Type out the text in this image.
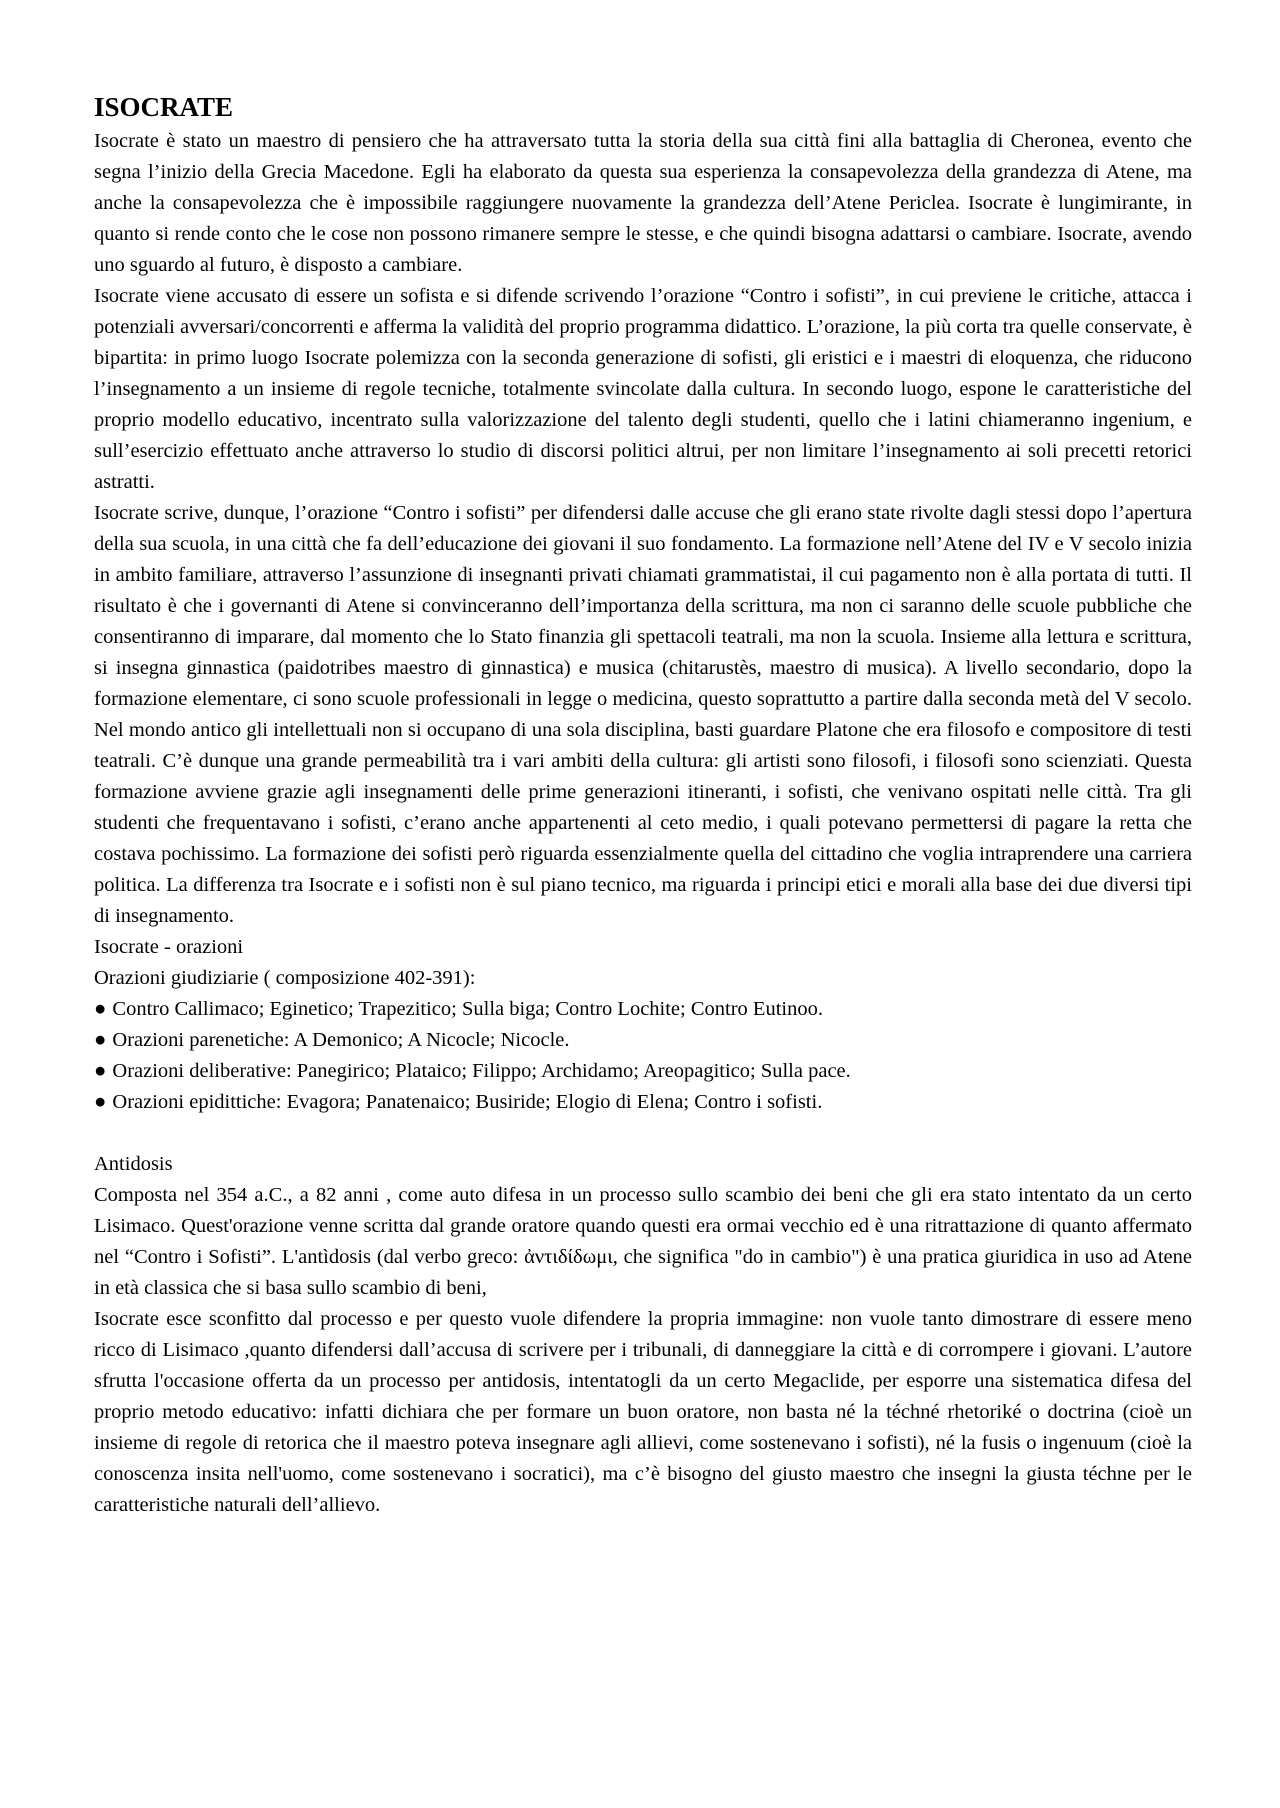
ISOCRATE

Isocrate è stato un maestro di pensiero che ha attraversato tutta la storia della sua città fini alla battaglia di Cheronea, evento che segna l’inizio della Grecia Macedone. Egli ha elaborato da questa sua esperienza la consapevolezza della grandezza di Atene, ma anche la consapevolezza che è impossibile raggiungere nuovamente la grandezza dell’Atene Periclea. Isocrate è lungimirante, in quanto si rende conto che le cose non possono rimanere sempre le stesse, e che quindi bisogna adattarsi o cambiare. Isocrate, avendo uno sguardo al futuro, è disposto a cambiare.

Isocrate viene accusato di essere un sofista e si difende scrivendo l’orazione “Contro i sofisti”, in cui previene le critiche, attacca i potenziali avversari/concorrenti e afferma la validità del proprio programma didattico. L’orazione, la più corta tra quelle conservate, è bipartita: in primo luogo Isocrate polemizza con la seconda generazione di sofisti, gli eristici e i maestri di eloquenza, che riducono l’insegnamento a un insieme di regole tecniche, totalmente svincolate dalla cultura. In secondo luogo, espone le caratteristiche del proprio modello educativo, incentrato sulla valorizzazione del talento degli studenti, quello che i latini chiameranno ingenium, e sull’esercizio effettuato anche attraverso lo studio di discorsi politici altrui, per non limitare l’insegnamento ai soli precetti retorici astratti.

Isocrate scrive, dunque, l’orazione “Contro i sofisti” per difendersi dalle accuse che gli erano state rivolte dagli stessi dopo l’apertura della sua scuola, in una città che fa dell’educazione dei giovani il suo fondamento. La formazione nell’Atene del IV e V secolo inizia in ambito familiare, attraverso l’assunzione di insegnanti privati chiamati grammatistai, il cui pagamento non è alla portata di tutti. Il risultato è che i governanti di Atene si convinceranno dell’importanza della scrittura, ma non ci saranno delle scuole pubbliche che consentiranno di imparare, dal momento che lo Stato finanzia gli spettacoli teatrali, ma non la scuola. Insieme alla lettura e scrittura, si insegna ginnastica (paidotribes maestro di ginnastica) e musica (chitarustès, maestro di musica). A livello secondario, dopo la formazione elementare, ci sono scuole professionali in legge o medicina, questo soprattutto a partire dalla seconda metà del V secolo. Nel mondo antico gli intellettuali non si occupano di una sola disciplina, basti guardare Platone che era filosofo e compositore di testi teatrali. C’è dunque una grande permeabilità tra i vari ambiti della cultura: gli artisti sono filosofi, i filosofi sono scienziati. Questa formazione avviene grazie agli insegnamenti delle prime generazioni itineranti, i sofisti, che venivano ospitati nelle città. Tra gli studenti che frequentavano i sofisti, c’erano anche appartenenti al ceto medio, i quali potevano permettersi di pagare la retta che costava pochissimo. La formazione dei sofisti però riguarda essenzialmente quella del cittadino che voglia intraprendere una carriera politica. La differenza tra Isocrate e i sofisti non è sul piano tecnico, ma riguarda i principi etici e morali alla base dei due diversi tipi di insegnamento.

Isocrate - orazioni

Orazioni giudiziarie ( composizione 402-391):

● Contro Callimaco; Eginetico; Trapezitico; Sulla biga; Contro Lochite; Contro Eutinoo.
● Orazioni parenetiche: A Demonico; A Nicocle; Nicocle.
● Orazioni deliberative: Panegirico; Plataico; Filippo; Archidamo; Areopagitico; Sulla pace.
● Orazioni epidittiche: Evagora; Panatenaico; Busiride; Elogio di Elena; Contro i sofisti.

Antidosis

Composta nel 354 a.C., a 82 anni , come auto difesa in un processo sullo scambio dei beni che gli era stato intentato da un certo Lisimaco. Quest'orazione venne scritta dal grande oratore quando questi era ormai vecchio ed è una ritrattazione di quanto affermato nel “Contro i Sofisti”. L'antìdosis (dal verbo greco: ἀντιδίδωμι, che significa "do in cambio") è una pratica giuridica in uso ad Atene in età classica che si basa sullo scambio di beni,

Isocrate esce sconfitto dal processo e per questo vuole difendere la propria immagine: non vuole tanto dimostrare di essere meno ricco di Lisimaco ,quanto difendersi dall’accusa di scrivere per i tribunali, di danneggiare la città e di corrompere i giovani. L’autore sfrutta l'occasione offerta da un processo per antidosis, intentatogli da un certo Megaclide, per esporre una sistematica difesa del proprio metodo educativo: infatti dichiara che per formare un buon oratore, non basta né la téchné rhetoriké o doctrina (cioè un insieme di regole di retorica che il maestro poteva insegnare agli allievi, come sostenevano i sofisti), né la fusis o ingenuum (cioè la conoscenza insita nell'uomo, come sostenevano i socratici), ma c’è bisogno del giusto maestro che insegni la giusta téchne per le caratteristiche naturali dell’allievo.
